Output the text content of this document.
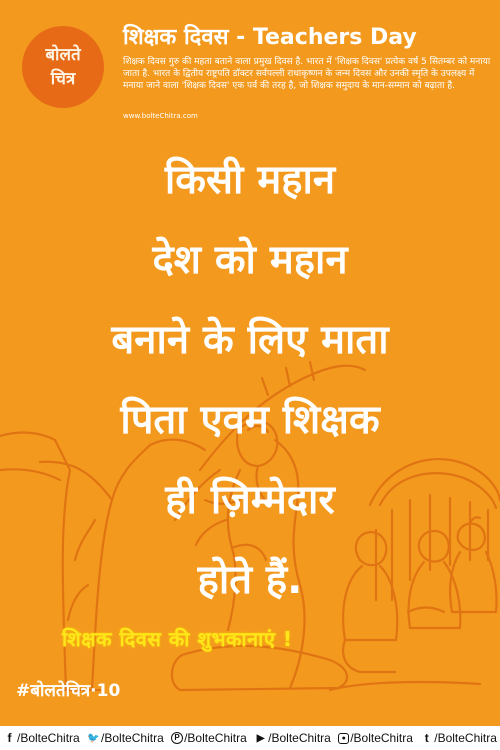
बोलते
चित्र
शिक्षक दिवस - Teachers Day
शिक्षक दिवस गुरु की महता बताने वाला प्रमुख दिवस है. भारत में 'शिक्षक दिवस' प्रत्येक वर्ष 5 सितम्बर को मनाया जाता है. भारत के द्वितीय राष्ट्रपति डॉक्टर सर्वपल्ली राधाकृष्णन के जन्म दिवस और उनकी स्मृति के उपलक्ष्य में मनाया जाने वाला 'शिक्षक दिवस' एक पर्व की तरह है, जो शिक्षक समुदाय के मान-सम्मान को बढ़ाता है.
www.bolteChitra.com
किसी महान
देश को महान
बनाने के लिए माता
पिता एवम शिक्षक
ही ज़िम्मेदार
होते हैं.
शिक्षक दिवस की शुभकानाएं !
#बोलतेचित्र·10
f /BolteChitra 🐦 /BolteChitra	P /BolteChitra ▶ /BolteChitra	● /BolteChitra t /BolteChitra
